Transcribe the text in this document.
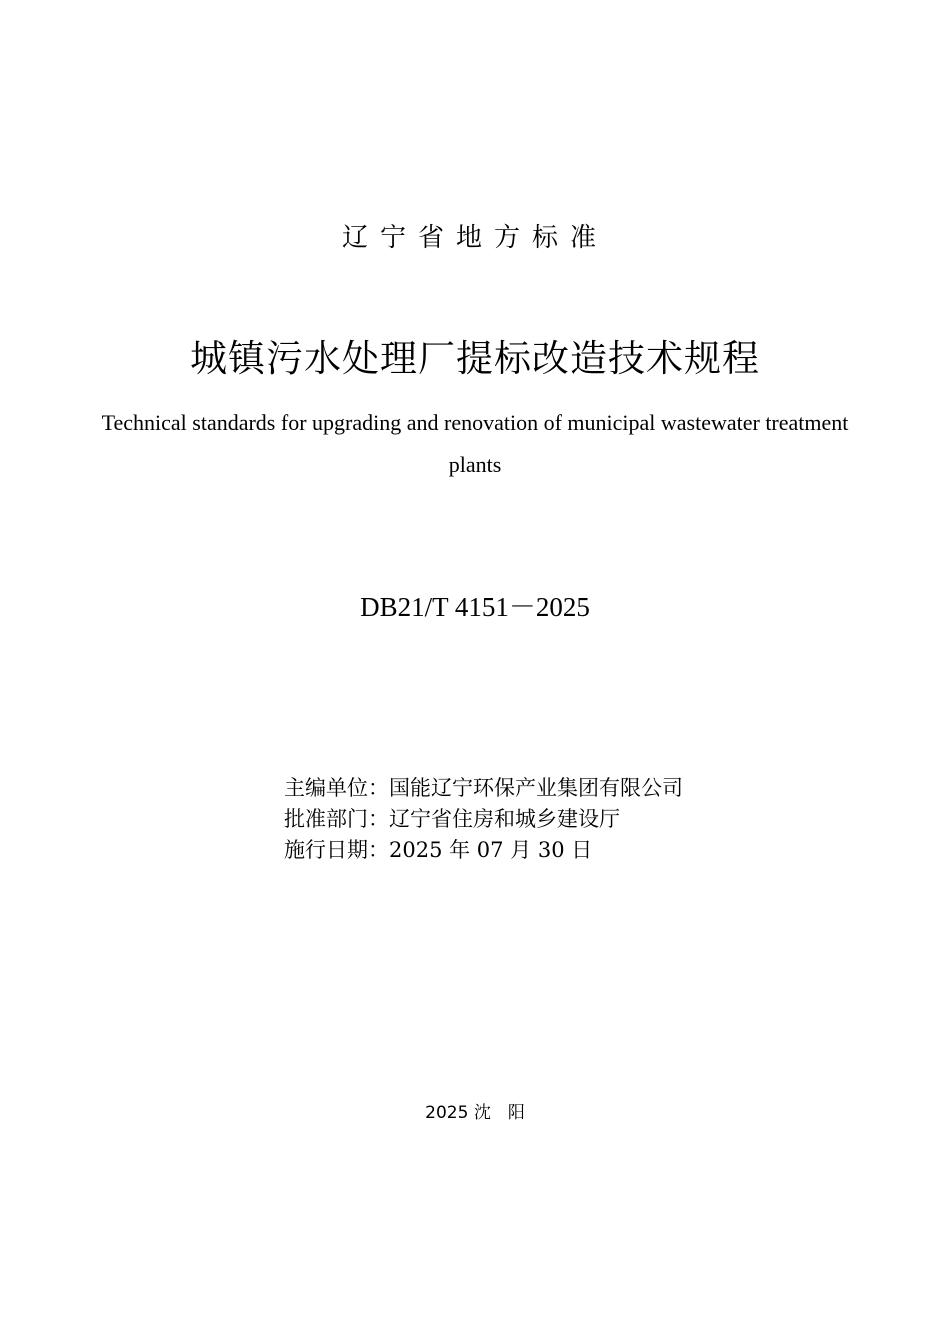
辽宁省地方标准
城镇污水处理厂提标改造技术规程
Technical standards for upgrading and renovation of municipal wastewater treatment plants
DB21/T 4151－2025
主编单位：国能辽宁环保产业集团有限公司
批准部门：辽宁省住房和城乡建设厅
施行日期：2025 年 07 月 30 日
2025 沈　阳
